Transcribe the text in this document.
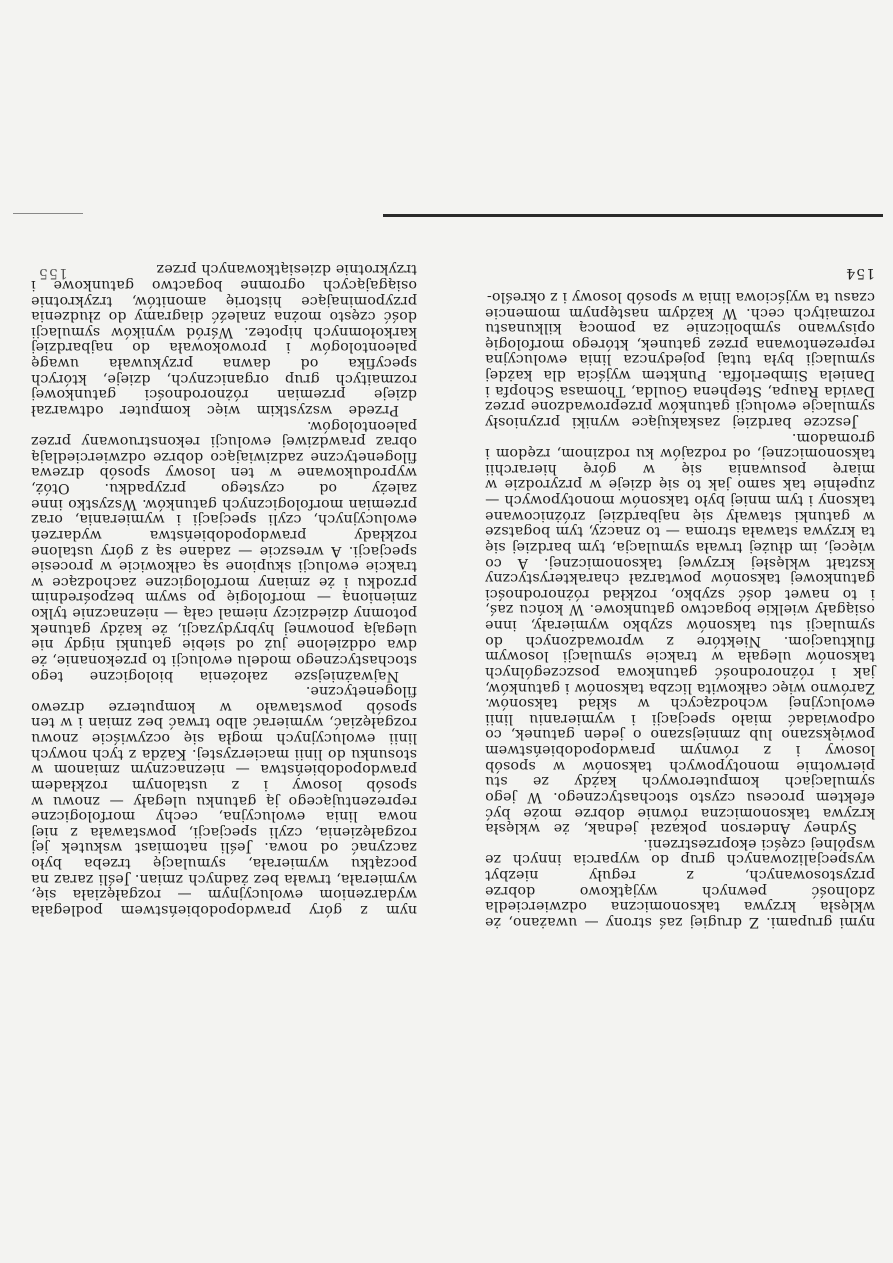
nymi grupami. Z drugiej zaś strony — uważano, że wklęsła krzywa taksonomiczna odzwierciedla zdolność pewnych wyjątkowo dobrze przystosowanych, z reguły niezbyt wyspecjalizowanych grup do wyparcia innych ze wspólnej części ekoprzestrzeni.

Sydney Anderson pokazał jednak, że wklęsła krzywa taksonomiczna równie dobrze może być efektem procesu czysto stochastycznego. W jego symulacjach komputerowych każdy ze stu pierwotnie monotypowych taksonów w sposób losowy i z równym prawdopodobieństwem powiększano lub zmniejszano o jeden gatunek, co odpowiadać miało specjacji i wymieraniu linii ewolucyjnej wchodzących w skład taksonów. Zarówno więc całkowita liczba taksonów i gatunków, jak i różnorodność gatunkowa poszczególnych taksonów ulegała w trakcie symulacji losowym fluktuacjom. Niektóre z wprowadzonych do symulacji stu taksonów szybko wymierały, inne osiągały wielkie bogactwo gatunkowe. W końcu zaś, i to nawet dość szybko, rozkład różnorodności gatunkowej taksonów powtarzał charakterystyczny kształt wklęsłej krzywej taksonomicznej. A co więcej, im dłużej trwała symulacja, tym bardziej się ta krzywa stawała stroma — to znaczy, tym bogatsze w gatunki stawały się najbardziej zróżnicowane taksony i tym mniej było taksonów monotypowych — zupełnie tak samo jak to się dzieje w przyrodzie w miarę posuwania się w górę hierarchii taksonomicznej, od rodzajów ku rodzinom, rzędom i gromadom.

Jeszcze bardziej zaskakujące wyniki przyniosły symulacje ewolucji gatunków przeprowadzone przez Davida Raupa, Stephena Goulda, Thomasa Schopfa i Daniela Simberloffa. Punktem wyjścia dla każdej symulacji była tutaj pojedyncza linia ewolucyjna reprezentowana przez gatunek, którego morfologię opisywano symbolicznie za pomocą kilkunastu rozmaitych cech. W każdym następnym momencie czasu ta wyjściowa linia w sposób losowy i z określo-

154

nym z góry prawdopodobieństwem podlegała wydarzeniom ewolucyjnym — rozgałęziała się, wymierała, trwała bez żadnych zmian. Jeśli zaraz na początku wymierała, symulację trzeba było zaczynać od nowa. Jeśli natomiast wskutek jej rozgałęzienia, czyli specjacji, powstawała z niej nowa linia ewolucyjna, cechy morfologiczne reprezentującego ją gatunku ulegały — znowu w sposób losowy i z ustalonym rozkładem prawdopodobieństwa — nieznacznym zmianom w stosunku do linii macierzystej. Każda z tych nowych linii ewolucyjnych mogła się oczywiście znowu rozgałęziać, wymierać albo trwać bez zmian i w ten sposób powstawało w komputerze drzewo filogenetyczne.

Najważniejsze założenia biologiczne tego stochastycznego modelu ewolucji to przekonanie, że dwa oddzielone już od siebie gatunki nigdy nie ulegają ponownej hybrydyzacji, że każdy gatunek potomny dziedziczy niemal całą — nieznacznie tylko zmienioną — morfologię po swym bezpośrednim przodku i że zmiany morfologiczne zachodzące w trakcie ewolucji skupione są całkowicie w procesie specjacji. A wreszcie — zadane są z góry ustalone rozkłady prawdopodobieństwa wydarzeń ewolucyjnych, czyli specjacji i wymierania, oraz przemian morfologicznych gatunków. Wszystko inne zależy od czystego przypadku. Otóż, wyprodukowane w ten losowy sposób drzewa filogenetyczne zadziwiająco dobrze odzwierciedlają obraz prawdziwej ewolucji rekonstruowany przez paleontologów.

Przede wszystkim więc komputer odtwarzał dzieje przemian różnorodności gatunkowej rozmaitych grup organicznych, dzieje, których specyfika od dawna przykuwała uwagę paleontologów i prowokowała do najbardziej karkołomnych hipotez. Wśród wyników symulacji dość często można znaleźć diagramy do złudzenia przypominające historię amonitów, trzykrotnie osiągających ogromne bogactwo gatunkowe i trzykrotnie dziesiątkowanych przez

155
